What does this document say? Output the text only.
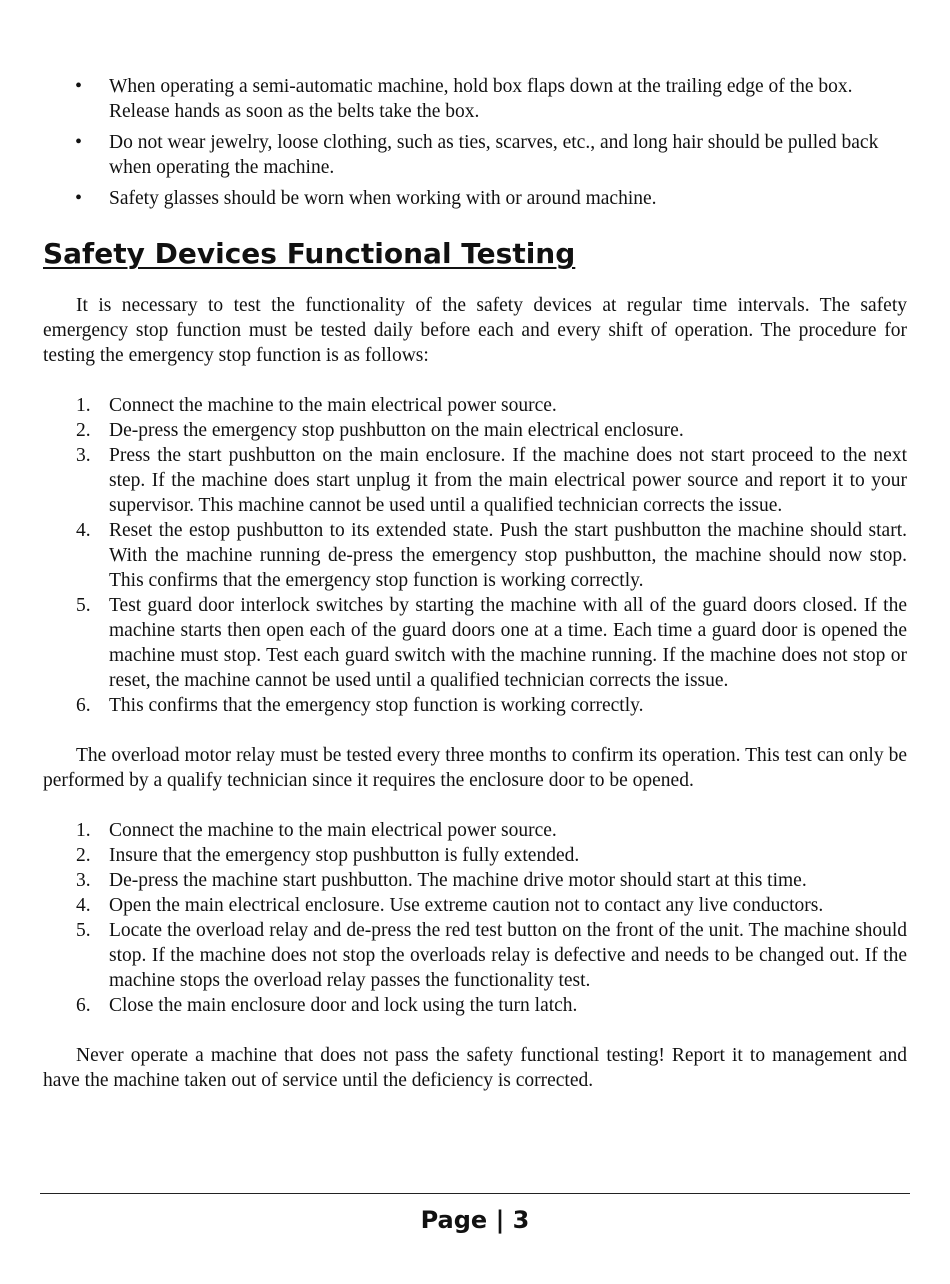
• When operating a semi-automatic machine, hold box flaps down at the trailing edge of the box. Release hands as soon as the belts take the box.
• Do not wear jewelry, loose clothing, such as ties, scarves, etc., and long hair should be pulled back when operating the machine.
• Safety glasses should be worn when working with or around machine.
Safety Devices Functional Testing

It is necessary to test the functionality of the safety devices at regular time intervals. The safety emergency stop function must be tested daily before each and every shift of operation. The procedure for testing the emergency stop function is as follows:

1. Connect the machine to the main electrical power source.
2. De-press the emergency stop pushbutton on the main electrical enclosure.
3. Press the start pushbutton on the main enclosure. If the machine does not start proceed to the next step. If the machine does start unplug it from the main electrical power source and report it to your supervisor. This machine cannot be used until a qualified technician corrects the issue.
4. Reset the estop pushbutton to its extended state. Push the start pushbutton the machine should start. With the machine running de-press the emergency stop pushbutton, the machine should now stop. This confirms that the emergency stop function is working correctly.
5. Test guard door interlock switches by starting the machine with all of the guard doors closed. If the machine starts then open each of the guard doors one at a time. Each time a guard door is opened the machine must stop. Test each guard switch with the machine running. If the machine does not stop or reset, the machine cannot be used until a qualified technician corrects the issue.
6. This confirms that the emergency stop function is working correctly.

The overload motor relay must be tested every three months to confirm its operation. This test can only be performed by a qualify technician since it requires the enclosure door to be opened.

1. Connect the machine to the main electrical power source.
2. Insure that the emergency stop pushbutton is fully extended.
3. De-press the machine start pushbutton. The machine drive motor should start at this time.
4. Open the main electrical enclosure. Use extreme caution not to contact any live conductors.
5. Locate the overload relay and de-press the red test button on the front of the unit. The machine should stop. If the machine does not stop the overloads relay is defective and needs to be changed out. If the machine stops the overload relay passes the functionality test.
6. Close the main enclosure door and lock using the turn latch.

Never operate a machine that does not pass the safety functional testing! Report it to management and have the machine taken out of service until the deficiency is corrected.

Page | 3
